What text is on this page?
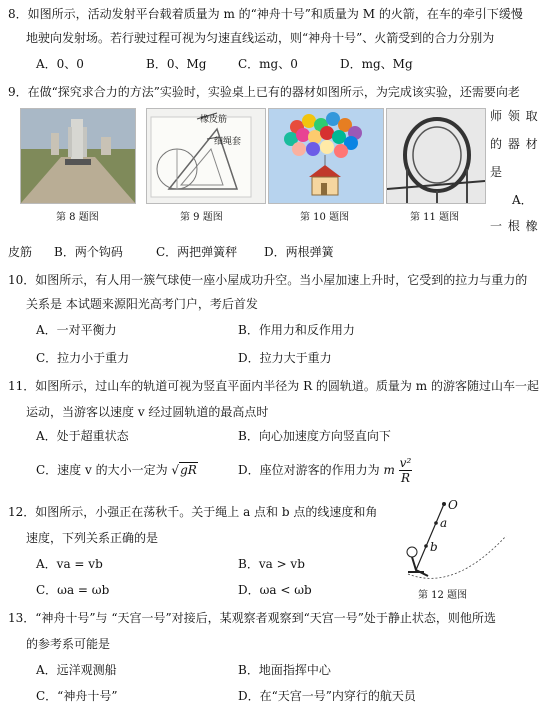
8．如图所示，活动发射平台载着质量为 m 的“神舟十号”和质量为 M 的火箭，在车的牵引下缓慢
地驶向发射场。若行驶过程可视为匀速直线运动，则“神舟十号”、火箭受到的合力分别为
A．0、0	B．0、Mg	C．mg、0	D．mg、Mg
9．在做“探究求合力的方法”实验时，实验桌上已有的器材如图所示，为完成该实验，还需要向老
第 8 题图
橡皮筋
细绳套
第 9 题图	第 10 题图	第 11 题图
师 领 取
的 器 材
是
A．
一 根 橡
皮筋 B．两个钩码	C．两把弹簧秤 D．两根弹簧
10．如图所示，有人用一簇气球使一座小屋成功升空。当小屋加速上升时，它受到的拉力与重力的
关系是 本试题来源阳光高考门户，考后首发
A．一对平衡力	B．作用力和反作用力
C．拉力小于重力	D．拉力大于重力
11．如图所示，过山车的轨道可视为竖直平面内半径为 R 的圆轨道。质量为 m 的游客随过山车一起
运动，当游客以速度 v 经过圆轨道的最高点时
A．处于超重状态	B．向心加速度方向竖直向下
C．速度 v 的大小一定为 √gR	D．座位对游客的作用力为 m $\frac{\text{v²}}{R}$
12．如图所示，小强正在荡秋千。关于绳上 a 点和 b 点的线速度和角
速度，下列关系正确的是
A．va = vb	B．va > vb
C．ωa = ωb	D．ωa < ωb
O
a
b
第 12 题图
13．“神舟十号”与 “天宫一号”对接后，某观察者观察到“天宫一号”处于静止状态，则他所选
的参考系可能是
A．远洋观测船	B．地面指挥中心
C．“神舟十号”	D．在“天宫一号”内穿行的航天员
